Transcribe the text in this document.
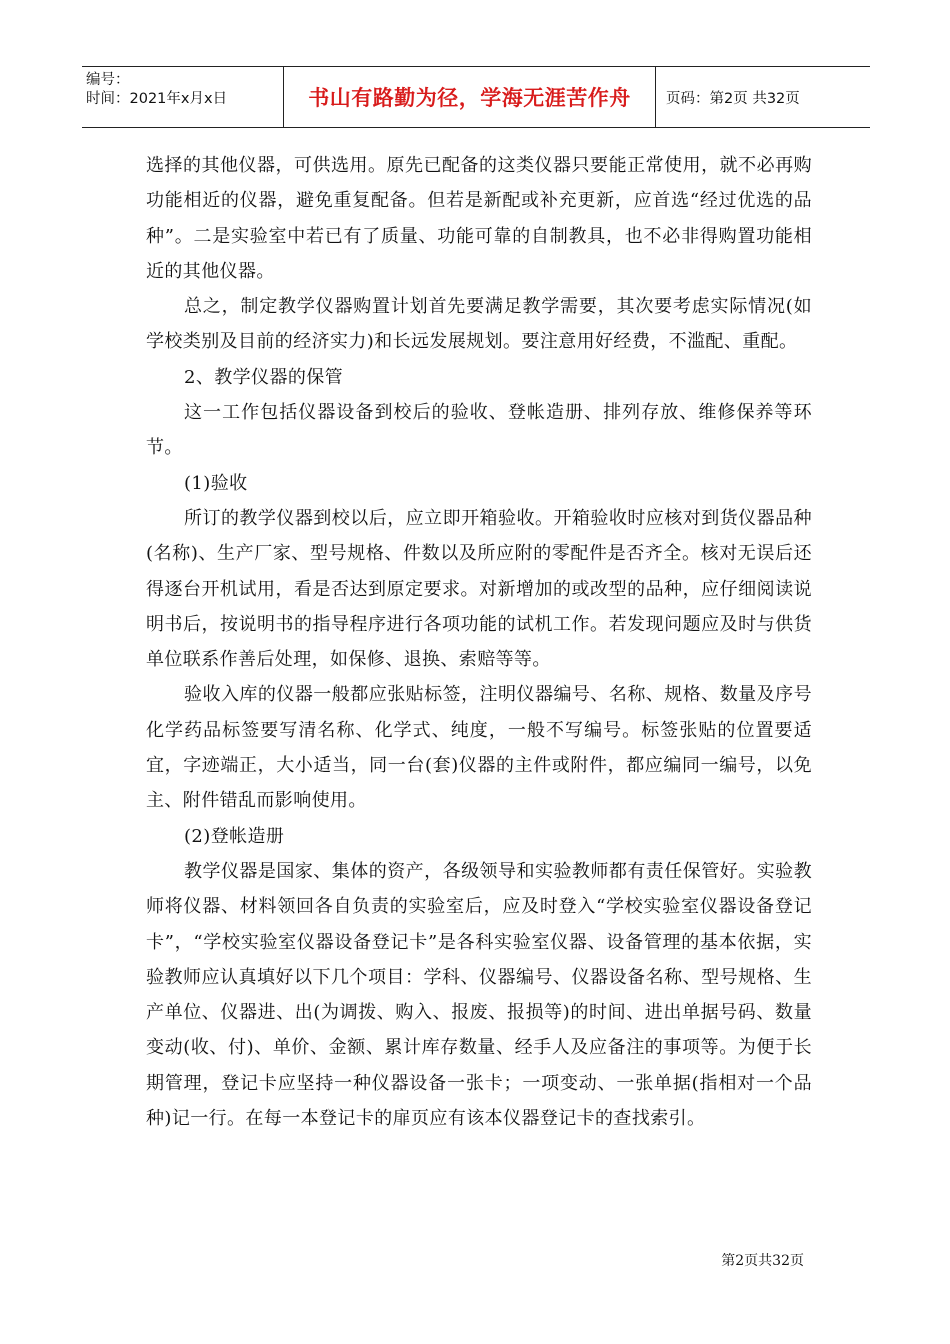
编号：
时间：2021年x月x日	书山有路勤为径，学海无涯苦作舟 页码：第2页 共32页

选择的其他仪器，可供选用。原先已配备的这类仪器只要能正常使用，就不必再购功能相近的仪器，避免重复配备。但若是新配或补充更新，应首选“经过优选的品种”。二是实验室中若已有了质量、功能可靠的自制教具，也不必非得购置功能相近的其他仪器。

总之，制定教学仪器购置计划首先要满足教学需要，其次要考虑实际情况(如学校类别及目前的经济实力)和长远发展规划。要注意用好经费，不滥配、重配。

2、教学仪器的保管

这一工作包括仪器设备到校后的验收、登帐造册、排列存放、维修保养等环节。

(1)验收

所订的教学仪器到校以后，应立即开箱验收。开箱验收时应核对到货仪器品种(名称)、生产厂家、型号规格、件数以及所应附的零配件是否齐全。核对无误后还得逐台开机试用，看是否达到原定要求。对新增加的或改型的品种，应仔细阅读说明书后，按说明书的指导程序进行各项功能的试机工作。若发现问题应及时与供货单位联系作善后处理，如保修、退换、索赔等等。

验收入库的仪器一般都应张贴标签，注明仪器编号、名称、规格、数量及序号化学药品标签要写清名称、化学式、纯度，一般不写编号。标签张贴的位置要适宜，字迹端正，大小适当，同一台(套)仪器的主件或附件，都应编同一编号，以免主、附件错乱而影响使用。

(2)登帐造册

教学仪器是国家、集体的资产，各级领导和实验教师都有责任保管好。实验教师将仪器、材料领回各自负责的实验室后，应及时登入“学校实验室仪器设备登记卡”，“学校实验室仪器设备登记卡”是各科实验室仪器、设备管理的基本依据，实验教师应认真填好以下几个项目：学科、仪器编号、仪器设备名称、型号规格、生产单位、仪器进、出(为调拨、购入、报废、报损等)的时间、进出单据号码、数量变动(收、付)、单价、金额、累计库存数量、经手人及应备注的事项等。为便于长期管理，登记卡应坚持一种仪器设备一张卡；一项变动、一张单据(指相对一个品种)记一行。在每一本登记卡的扉页应有该本仪器登记卡的查找索引。

第2页共32页
